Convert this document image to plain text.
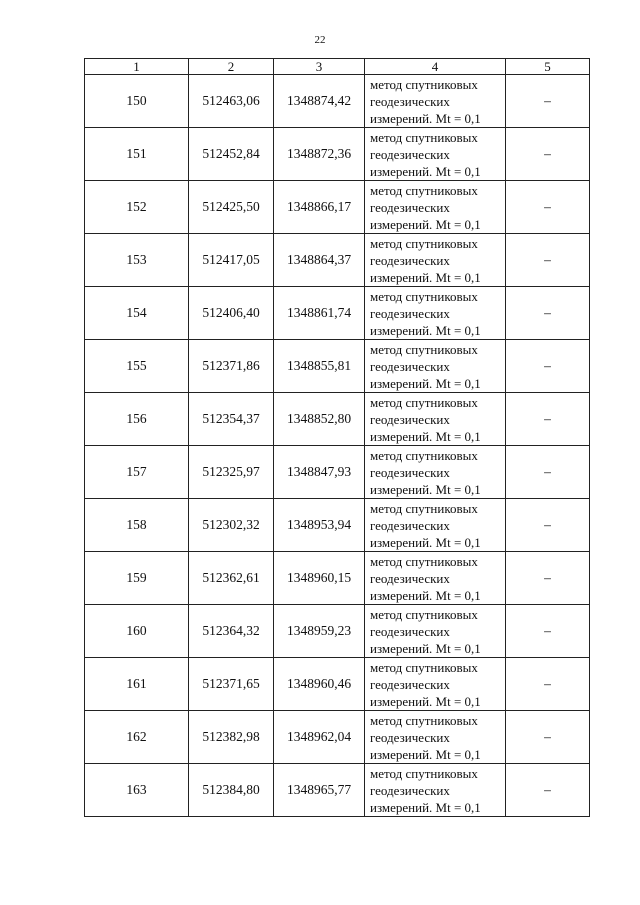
22
1	2	3	4	5
150	512463,06	1348874,42	метод спутниковых
геодезических
измерений. Mt = 0,1	–
151	512452,84	1348872,36	метод спутниковых
геодезических
измерений. Mt = 0,1	–
152	512425,50	1348866,17	метод спутниковых
геодезических
измерений. Mt = 0,1	–
153	512417,05	1348864,37	метод спутниковых
геодезических
измерений. Mt = 0,1	–
154	512406,40	1348861,74	метод спутниковых
геодезических
измерений. Mt = 0,1	–
155	512371,86	1348855,81	метод спутниковых
геодезических
измерений. Mt = 0,1	–
156	512354,37	1348852,80	метод спутниковых
геодезических
измерений. Mt = 0,1	–
157	512325,97	1348847,93	метод спутниковых
геодезических
измерений. Mt = 0,1	–
158	512302,32	1348953,94	метод спутниковых
геодезических
измерений. Mt = 0,1	–
159	512362,61	1348960,15	метод спутниковых
геодезических
измерений. Mt = 0,1	–
160	512364,32	1348959,23	метод спутниковых
геодезических
измерений. Mt = 0,1	–
161	512371,65	1348960,46	метод спутниковых
геодезических
измерений. Mt = 0,1	–
162	512382,98	1348962,04	метод спутниковых
геодезических
измерений. Mt = 0,1	–
163	512384,80	1348965,77	метод спутниковых
геодезических
измерений. Mt = 0,1	–
